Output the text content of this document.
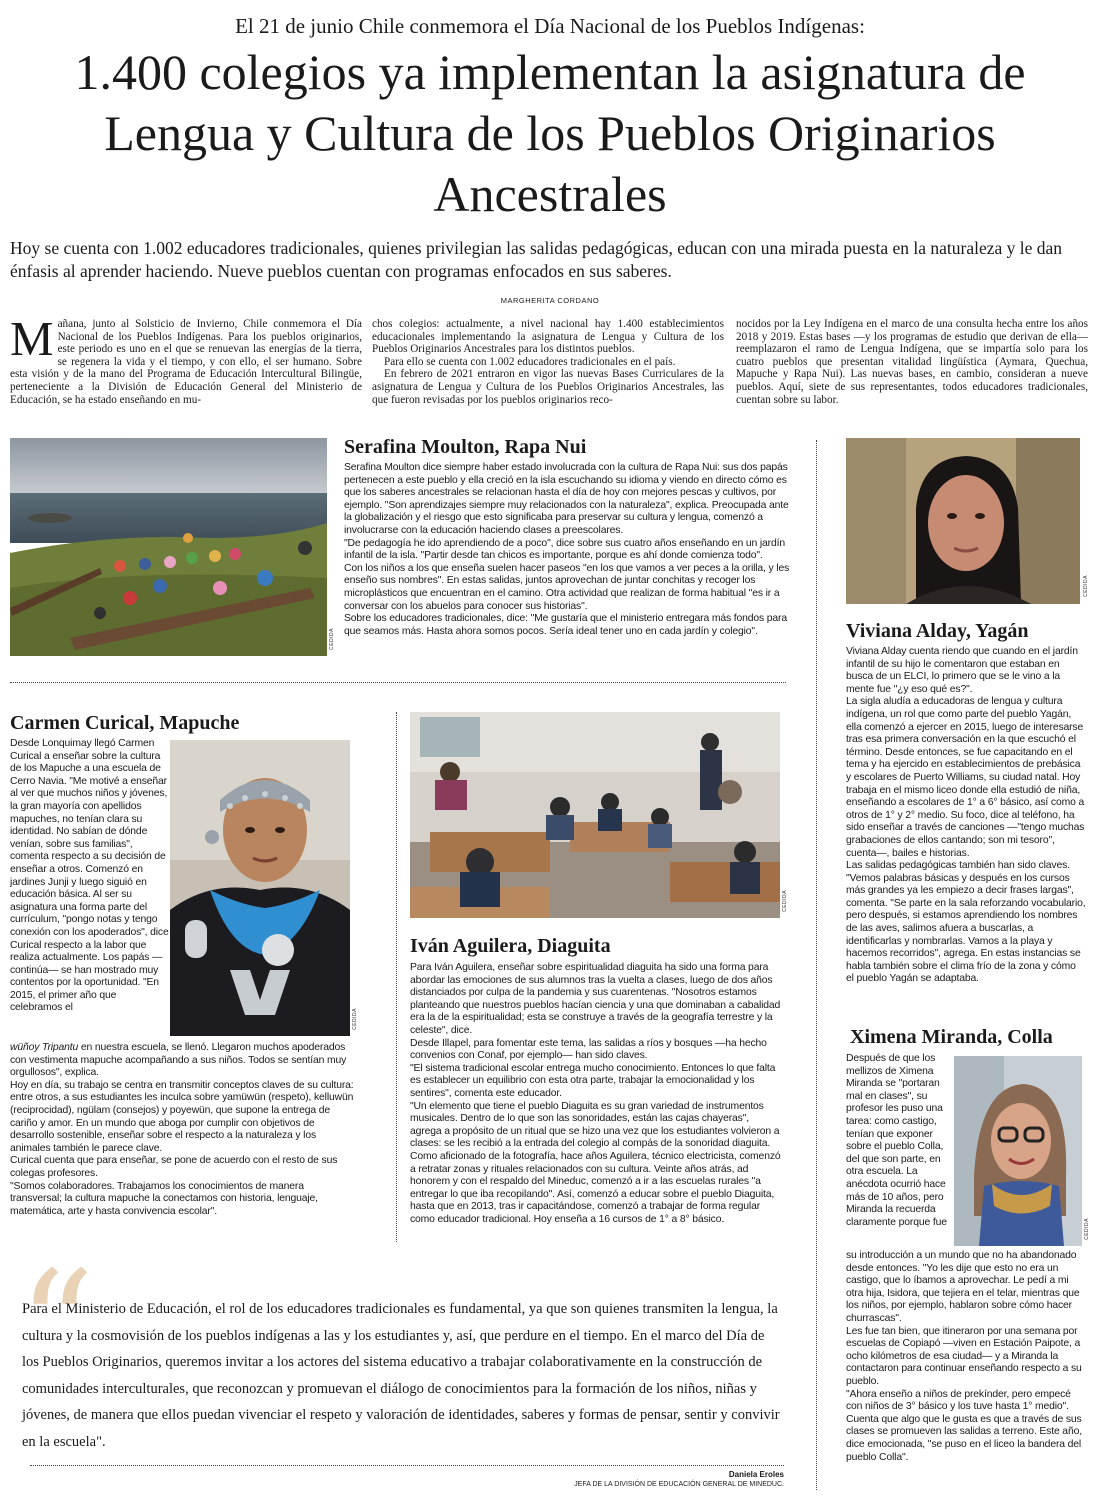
El 21 de junio Chile conmemora el Día Nacional de los Pueblos Indígenas:
1.400 colegios ya implementan la asignatura de Lengua y Cultura de los Pueblos Originarios Ancestrales
Hoy se cuenta con 1.002 educadores tradicionales, quienes privilegian las salidas pedagógicas, educan con una mirada puesta en la naturaleza y le dan énfasis al aprender haciendo. Nueve pueblos cuentan con programas enfocados en sus saberes.
MARGHERITA CORDANO
M añana, junto al Solsticio de Invierno, Chile conmemora el Día Nacional de los Pueblos Indígenas. Para los pueblos originarios, este periodo es uno en el que se renuevan las energías de la tierra, se regenera la vida y el tiempo, y con ello, el ser humano. Sobre esta visión y de la mano del Programa de Educación Intercultural Bilingüe, perteneciente a la División de Educación General del Ministerio de Educación, se ha estado enseñando en mu-

chos colegios: actualmente, a nivel nacional hay 1.400 establecimientos educacionales implementando la asignatura de Lengua y Cultura de los Pueblos Originarios Ancestrales para los distintos pueblos.

Para ello se cuenta con 1.002 educadores tradicionales en el país.

En febrero de 2021 entraron en vigor las nuevas Bases Curriculares de la asignatura de Lengua y Cultura de los Pueblos Originarios Ancestrales, las que fueron revisadas por los pueblos originarios reco-

nocidos por la Ley Indígena en el marco de una consulta hecha entre los años 2018 y 2019. Estas bases —y los programas de estudio que derivan de ella— reemplazaron el ramo de Lengua Indígena, que se impartía solo para los cuatro pueblos que presentan vitalidad lingüística (Aymara, Quechua, Mapuche y Rapa Nui). Las nuevas bases, en cambio, consideran a nueve pueblos. Aquí, siete de sus representantes, todos educadores tradicionales, cuentan sobre su labor.

CEDIDA
Serafina Moulton, Rapa Nui

Serafina Moulton dice siempre haber estado involucrada con la cultura de Rapa Nui: sus dos papás pertenecen a este pueblo y ella creció en la isla escuchando su idioma y viendo en directo cómo es que los saberes ancestrales se relacionan hasta el día de hoy con mejores pescas y cultivos, por ejemplo. "Son aprendizajes siempre muy relacionados con la naturaleza", explica. Preocupada ante la globalización y el riesgo que esto significaba para preservar su cultura y lengua, comenzó a involucrarse con la educación haciendo clases a preescolares.

"De pedagogía he ido aprendiendo de a poco", dice sobre sus cuatro años enseñando en un jardín infantil de la isla. "Partir desde tan chicos es importante, porque es ahí donde comienza todo".

Con los niños a los que enseña suelen hacer paseos "en los que vamos a ver peces a la orilla, y les enseño sus nombres". En estas salidas, juntos aprovechan de juntar conchitas y recoger los microplásticos que encuentran en el camino. Otra actividad que realizan de forma habitual "es ir a conversar con los abuelos para conocer sus historias".

Sobre los educadores tradicionales, dice: "Me gustaría que el ministerio entregara más fondos para que seamos más. Hasta ahora somos pocos. Sería ideal tener uno en cada jardín y colegio".

CEDIDA
Viviana Alday, Yagán

Viviana Alday cuenta riendo que cuando en el jardín infantil de su hijo le comentaron que estaban en busca de un ELCI, lo primero que se le vino a la mente fue "¿y eso qué es?".

La sigla aludía a educadoras de lengua y cultura indígena, un rol que como parte del pueblo Yagán, ella comenzó a ejercer en 2015, luego de interesarse tras esa primera conversación en la que escuchó el término. Desde entonces, se fue capacitando en el tema y ha ejercido en establecimientos de prebásica y escolares de Puerto Williams, su ciudad natal. Hoy trabaja en el mismo liceo donde ella estudió de niña, enseñando a escolares de 1° a 6° básico, así como a otros de 1° y 2° medio. Su foco, dice al teléfono, ha sido enseñar a través de canciones —"tengo muchas grabaciones de ellos cantando; son mi tesoro", cuenta—, bailes e historias.

Las salidas pedagógicas también han sido claves. "Vemos palabras básicas y después en los cursos más grandes ya les empiezo a decir frases largas", comenta. "Se parte en la sala reforzando vocabulario, pero después, si estamos aprendiendo los nombres de las aves, salimos afuera a buscarlas, a identificarlas y nombrarlas. Vamos a la playa y hacemos recorridos", agrega. En estas instancias se habla también sobre el clima frío de la zona y cómo el pueblo Yagán se adaptaba.

Carmen Curical, Mapuche

Desde Lonquimay llegó Carmen Curical a enseñar sobre la cultura de los Mapuche a una escuela de Cerro Navia. "Me motivé a enseñar al ver que muchos niños y jóvenes, la gran mayoría con apellidos mapuches, no tenían clara su identidad. No sabían de dónde venían, sobre sus familias", comenta respecto a su decisión de enseñar a otros. Comenzó en jardines Junji y luego siguió en educación básica. Al ser su asignatura una forma parte del currículum, "pongo notas y tengo conexión con los apoderados", dice Curical respecto a la labor que realiza actualmente. Los papás —continúa— se han mostrado muy contentos por la oportunidad. "En 2015, el primer año que celebramos el

CEDIDA

wüñoy Tripantu en nuestra escuela, se llenó. Llegaron muchos apoderados con vestimenta mapuche acompañando a sus niños. Todos se sentían muy orgullosos", explica.

Hoy en día, su trabajo se centra en transmitir conceptos claves de su cultura: entre otros, a sus estudiantes les inculca sobre yamüwün (respeto), kelluwün (reciprocidad), ngülam (consejos) y poyewün, que supone la entrega de cariño y amor. En un mundo que aboga por cumplir con objetivos de desarrollo sostenible, enseñar sobre el respecto a la naturaleza y los animales también le parece clave.

Curical cuenta que para enseñar, se pone de acuerdo con el resto de sus colegas profesores.

"Somos colaboradores. Trabajamos los conocimientos de manera transversal; la cultura mapuche la conectamos con historia, lenguaje, matemática, arte y hasta convivencia escolar".

CEDIDA
Iván Aguilera, Diaguita

Para Iván Aguilera, enseñar sobre espiritualidad diaguita ha sido una forma para abordar las emociones de sus alumnos tras la vuelta a clases, luego de dos años distanciados por culpa de la pandemia y sus cuarentenas. "Nosotros estamos planteando que nuestros pueblos hacían ciencia y una que dominaban a cabalidad era la de la espiritualidad; esta se construye a través de la geografía terrestre y la celeste", dice.

Desde Illapel, para fomentar este tema, las salidas a ríos y bosques —ha hecho convenios con Conaf, por ejemplo— han sido claves.

"El sistema tradicional escolar entrega mucho conocimiento. Entonces lo que falta es establecer un equilibrio con esta otra parte, trabajar la emocionalidad y los sentires", comenta este educador.

"Un elemento que tiene el pueblo Diaguita es su gran variedad de instrumentos musicales. Dentro de lo que son las sonoridades, están las cajas chayeras", agrega a propósito de un ritual que se hizo una vez que los estudiantes volvieron a clases: se les recibió a la entrada del colegio al compás de la sonoridad diaguita.

Como aficionado de la fotografía, hace años Aguilera, técnico electricista, comenzó a retratar zonas y rituales relacionados con su cultura. Veinte años atrás, ad honorem y con el respaldo del Mineduc, comenzó a ir a las escuelas rurales "a entregar lo que iba recopilando". Así, comenzó a educar sobre el pueblo Diaguita, hasta que en 2013, tras ir capacitándose, comenzó a trabajar de forma regular como educador tradicional. Hoy enseña a 16 cursos de 1° a 8° básico.

Ximena Miranda, Colla

Después de que los mellizos de Ximena Miranda se "portaran mal en clases", su profesor les puso una tarea: como castigo, tenían que exponer sobre el pueblo Colla, del que son parte, en otra escuela. La anécdota ocurrió hace más de 10 años, pero Miranda la recuerda claramente porque fue	CEDIDA

su introducción a un mundo que no ha abandonado desde entonces. "Yo les dije que esto no era un castigo, que lo íbamos a aprovechar. Le pedí a mi otra hija, Isidora, que tejiera en el telar, mientras que los niños, por ejemplo, hablaron sobre cómo hacer churrascas".

Les fue tan bien, que itineraron por una semana por escuelas de Copiapó —viven en Estación Paipote, a ocho kilómetros de esa ciudad— y a Miranda la contactaron para continuar enseñando respecto a su pueblo.

"Ahora enseño a niños de prekínder, pero empecé con niños de 3° básico y los tuve hasta 1° medio".

Cuenta que algo que le gusta es que a través de sus clases se promueven las salidas a terreno. Este año, dice emocionada, "se puso en el liceo la bandera del pueblo Colla".

“
Para el Ministerio de Educación, el rol de los educadores tradicionales es fundamental, ya que son quienes transmiten la lengua, la cultura y la cosmovisión de los pueblos indígenas a las y los estudiantes y, así, que perdure en el tiempo. En el marco del Día de los Pueblos Originarios, queremos invitar a los actores del sistema educativo a trabajar colaborativamente en la construcción de comunidades interculturales, que reconozcan y promuevan el diálogo de conocimientos para la formación de los niños, niñas y jóvenes, de manera que ellos puedan vivenciar el respeto y valoración de identidades, saberes y formas de pensar, sentir y convivir en la escuela".
Daniela Eroles
JEFA DE LA DIVISIÓN DE EDUCACIÓN GENERAL DE MINEDUC.
